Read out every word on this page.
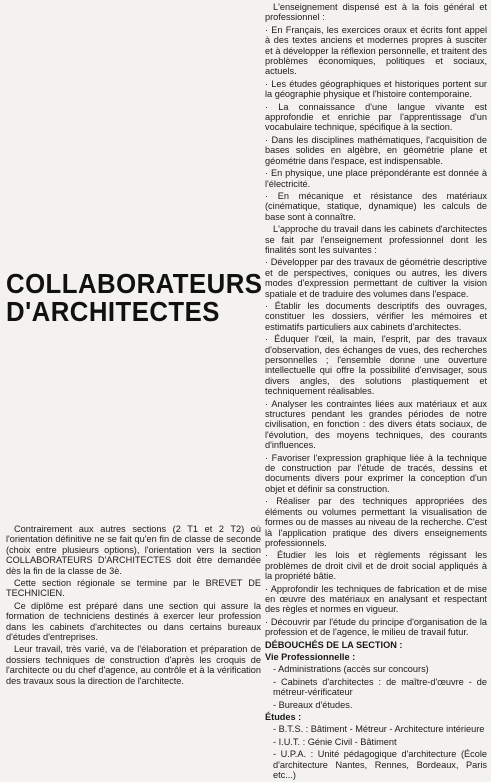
COLLABORATEURS
D'ARCHITECTES

Contrairement aux autres sections (2 T1 et 2 T2) où l'orientation définitive ne se fait qu'en fin de classe de seconde (choix entre plusieurs options), l'orientation vers la section COLLABORATEURS D'ARCHITECTES doit être demandée dès la fin de la classe de 3è.

Cette section régionale se termine par le BREVET DE TECHNICIEN.

Ce diplôme est préparé dans une section qui assure la formation de techniciens destinés à exercer leur profession dans les cabinets d'architectes ou dans certains bureaux d'études d'entreprises.

Leur travail, très varié, va de l'élaboration et préparation de dossiers techniques de construction d'après les croquis de l'architecte ou du chef d'agence, au contrôle et à la vérification des travaux sous la direction de l'architecte.

L'enseignement dispensé est à la fois général et professionnel :

· En Français, les exercices oraux et écrits font appel à des textes anciens et modernes propres à susciter et à développer la réflexion personnelle, et traitent des problèmes économiques, politiques et sociaux, actuels.

· Les études géographiques et historiques portent sur la géographie physique et l'histoire contemporaine.

· La connaissance d'une langue vivante est approfondie et enrichie par l'apprentissage d'un vocabulaire technique, spécifique à la section.

· Dans les disciplines mathématiques, l'acquisition de bases solides en algèbre, en géométrie plane et géométrie dans l'espace, est indispensable.

· En physique, une place prépondérante est donnée à l'électricité.

· En mécanique et résistance des matériaux (cinématique, statique, dynamique) les calculs de base sont à connaître.

L'approche du travail dans les cabinets d'architectes se fait par l'enseignement professionnel dont les finalités sont les suivantes :

· Développer par des travaux de géométrie descriptive et de perspectives, coniques ou autres, les divers modes d'expression permettant de cultiver la vision spatiale et de traduire des volumes dans l'espace.

· Établir les documents descriptifs des ouvrages, constituer les dossiers, vérifier les mémoires et estimatifs particuliers aux cabinets d'architectes.

· Éduquer l'œil, la main, l'esprit, par des travaux d'observation, des échanges de vues, des recherches personnelles ; l'ensemble donne une ouverture intellectuelle qui offre la possibilité d'envisager, sous divers angles, des solutions plastiquement et techniquement réalisables.

· Analyser les contraintes liées aux matériaux et aux structures pendant les grandes périodes de notre civilisation, en fonction : des divers états sociaux, de l'évolution, des moyens techniques, des courants d'influences.

· Favoriser l'expression graphique liée à la technique de construction par l'étude de tracés, dessins et documents divers pour exprimer la conception d'un objet et définir sa construction.

· Réaliser par des techniques appropriées des éléments ou volumes permettant la visualisation de formes ou de masses au niveau de la recherche. C'est là l'application pratique des divers enseignements professionnels.

· Étudier les lois et règlements régissant les problèmes de droit civil et de droit social appliqués à la propriété bâtie.

· Approfondir les techniques de fabrication et de mise en œuvre des matériaux en analysant et respectant des règles et normes en vigueur.

· Découvrir par l'étude du principe d'organisation de la profession et de l'agence, le milieu de travail futur.

DÉBOUCHÉS DE LA SECTION :

Vie Professionnelle :

- Administrations (accès sur concours)

- Cabinets d'architectes : de maître-d'œuvre - de métreur-vérificateur

- Bureaux d'études.

Études :

- B.T.S. : Bâtiment - Métreur - Architecture intérieure

- I.U.T. : Génie Civil - Bâtiment

- U.P.A. : Unité pédagogique d'architecture (École d'architecture Nantes, Rennes, Bordeaux, Paris etc...)
